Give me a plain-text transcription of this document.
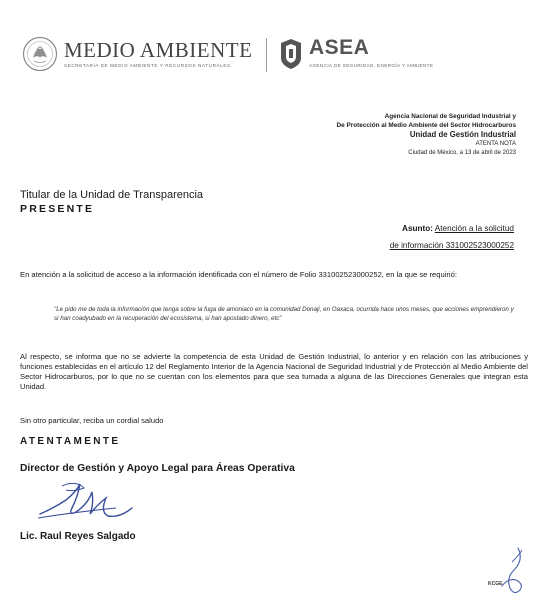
MEDIO AMBIENTE
SECRETARÍA DE MEDIO AMBIENTE Y RECURSOS NATURALES
ASEA
AGENCIA DE SEGURIDAD, ENERGÍA Y AMBIENTE
Agencia Nacional de Seguridad Industrial y
De Protección al Medio Ambiente del Sector Hidrocarburos
Unidad de Gestión Industrial
ATENTA NOTA
Ciudad de México, a 13 de abril de 2023
Titular de la Unidad de Transparencia
PRESENTE
Asunto: Atención a la solicitud
de información 331002523000252

En atención a la solicitud de acceso a la información identificada con el número de Folio 331002523000252, en la que se requirió:

"Le pido me de toda la información que tenga sobre la fuga de amoniaco en la comunidad Donaji, en Oaxaca, ocurrida hace unos meses, que acciones emprendieron y si han coadyubado en la recuperación del ecosistema, si han apostado dinero, etc"

Al respecto, se informa que no se advierte la competencia de esta Unidad de Gestión Industrial, lo anterior y en relación con las atribuciones y funciones establecidas en el artículo 12 del Reglamento Interior de la Agencia Nacional de Seguridad Industrial y de Protección al Medio Ambiente del Sector Hidrocarburos, por lo que no se cuentan con los elementos para que sea turnada a alguna de las Direcciones Generales que integran esta Unidad.

Sin otro particular, reciba un cordial saludo

ATENTAMENTE

Director de Gestión y Apoyo Legal para Áreas Operativa

Lic. Raul Reyes Salgado

KCGE
